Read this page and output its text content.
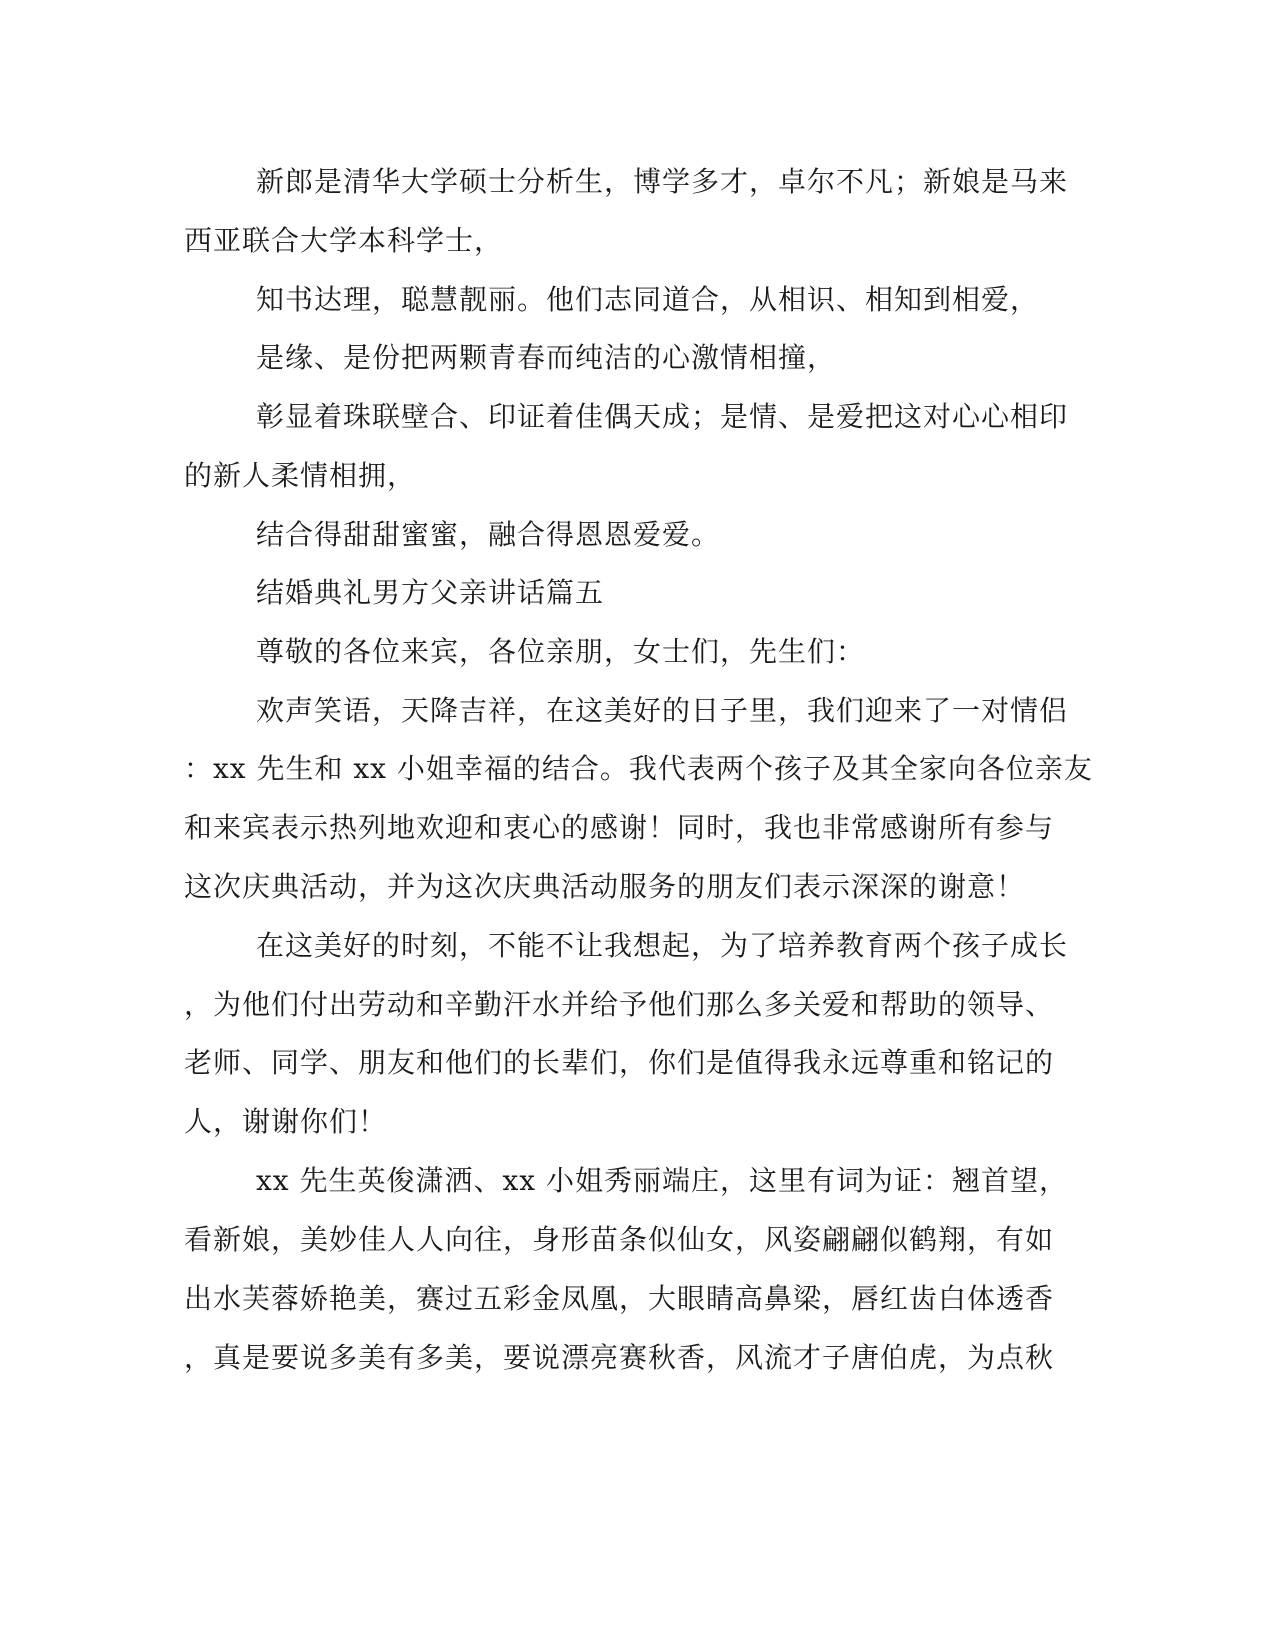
新郎是清华大学硕士分析生，博学多才，卓尔不凡；新娘是马来
西亚联合大学本科学士，
知书达理，聪慧靓丽。他们志同道合，从相识、相知到相爱，
是缘、是份把两颗青春而纯洁的心激情相撞，
彰显着珠联壁合、印证着佳偶天成；是情、是爱把这对心心相印
的新人柔情相拥，
结合得甜甜蜜蜜，融合得恩恩爱爱。
结婚典礼男方父亲讲话篇五
尊敬的各位来宾，各位亲朋，女士们，先生们：
欢声笑语，天降吉祥，在这美好的日子里，我们迎来了一对情侣
：xx 先生和 xx 小姐幸福的结合。我代表两个孩子及其全家向各位亲友
和来宾表示热列地欢迎和衷心的感谢！同时，我也非常感谢所有参与
这次庆典活动，并为这次庆典活动服务的朋友们表示深深的谢意！
在这美好的时刻，不能不让我想起，为了培养教育两个孩子成长
，为他们付出劳动和辛勤汗水并给予他们那么多关爱和帮助的领导、
老师、同学、朋友和他们的长辈们，你们是值得我永远尊重和铭记的
人，谢谢你们！
xx 先生英俊潇洒、xx 小姐秀丽端庄，这里有词为证：翘首望，
看新娘，美妙佳人人向往，身形苗条似仙女，风姿翩翩似鹤翔，有如
出水芙蓉娇艳美，赛过五彩金凤凰，大眼睛高鼻梁，唇红齿白体透香
，真是要说多美有多美，要说漂亮赛秋香，风流才子唐伯虎，为点秋
